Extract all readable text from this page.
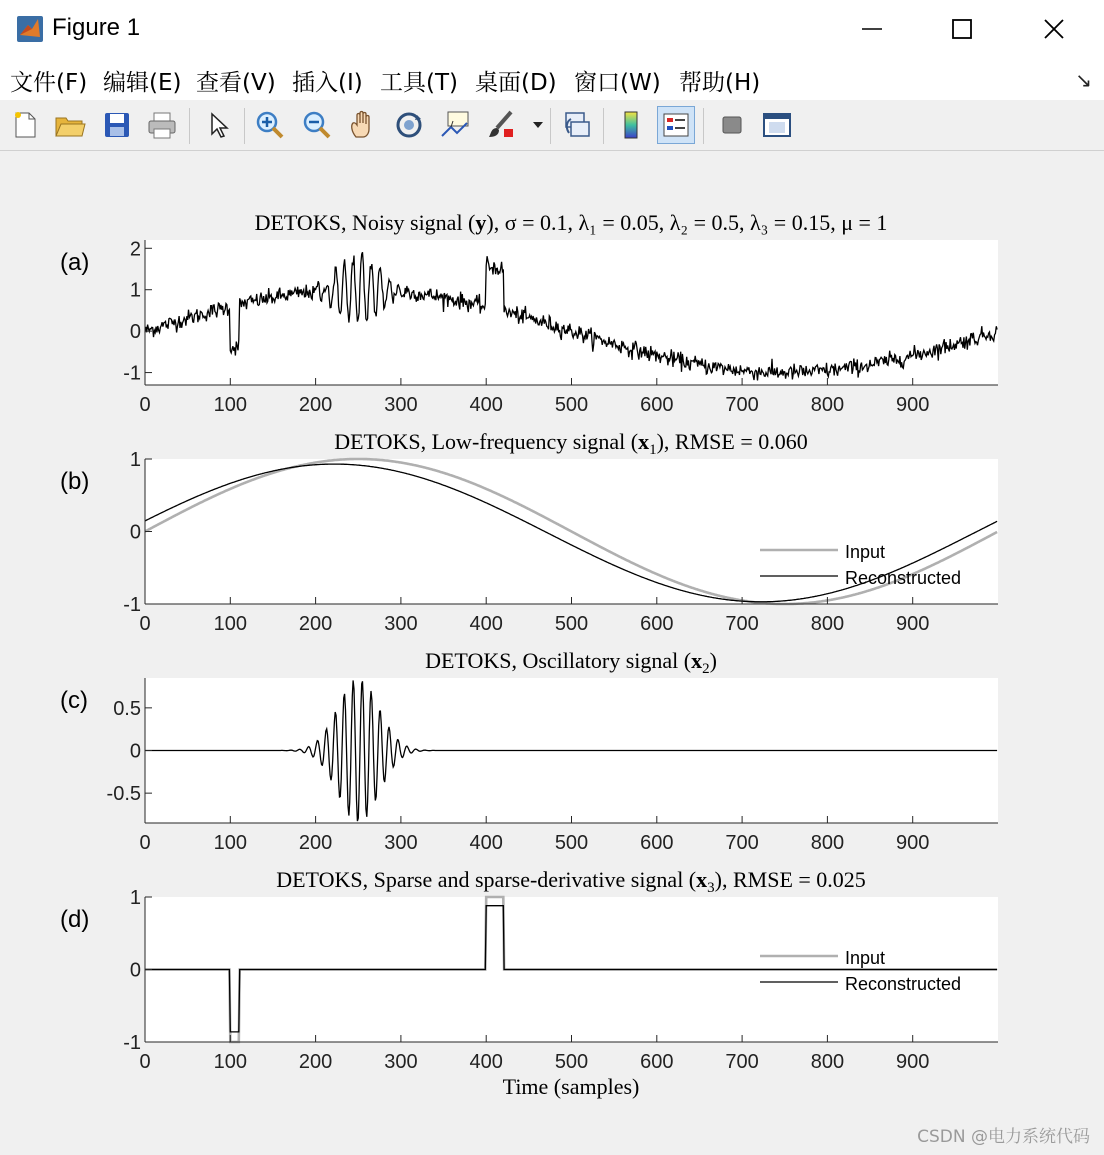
Figure 1
文件(F) 编辑(E) 查看(V) 插入(I) 工具(T) 桌面(D) 窗口(W) 帮助(H)	↘
(a)
DETOKS, Noisy signal (y), σ = 0.1, λ₁ = 0.05, λ₂ = 0.5, λ₃ = 0.15, μ = 1
0	100	200	300	400	500	600	700	800	900
2
1
0
-1
(b)
DETOKS, Low-frequency signal $(x_1)$, RMSE = 0.060
0	100	200	300	400	500	600	700	800	900
1
0
-1
Input
Reconstructed
(c)
DETOKS, Oscillatory signal $(x_2)$
0	100	200	300	400	500	600	700	800	900
0.5
0
-0.5
(d)
DETOKS, Sparse and sparse-derivative signal $(x_3)$, RMSE = 0.025
0	100	200	300	400	500	600	700	800	900
1
0
-1
Input
Reconstructed
Time (samples)
CSDN @电力系统代码
